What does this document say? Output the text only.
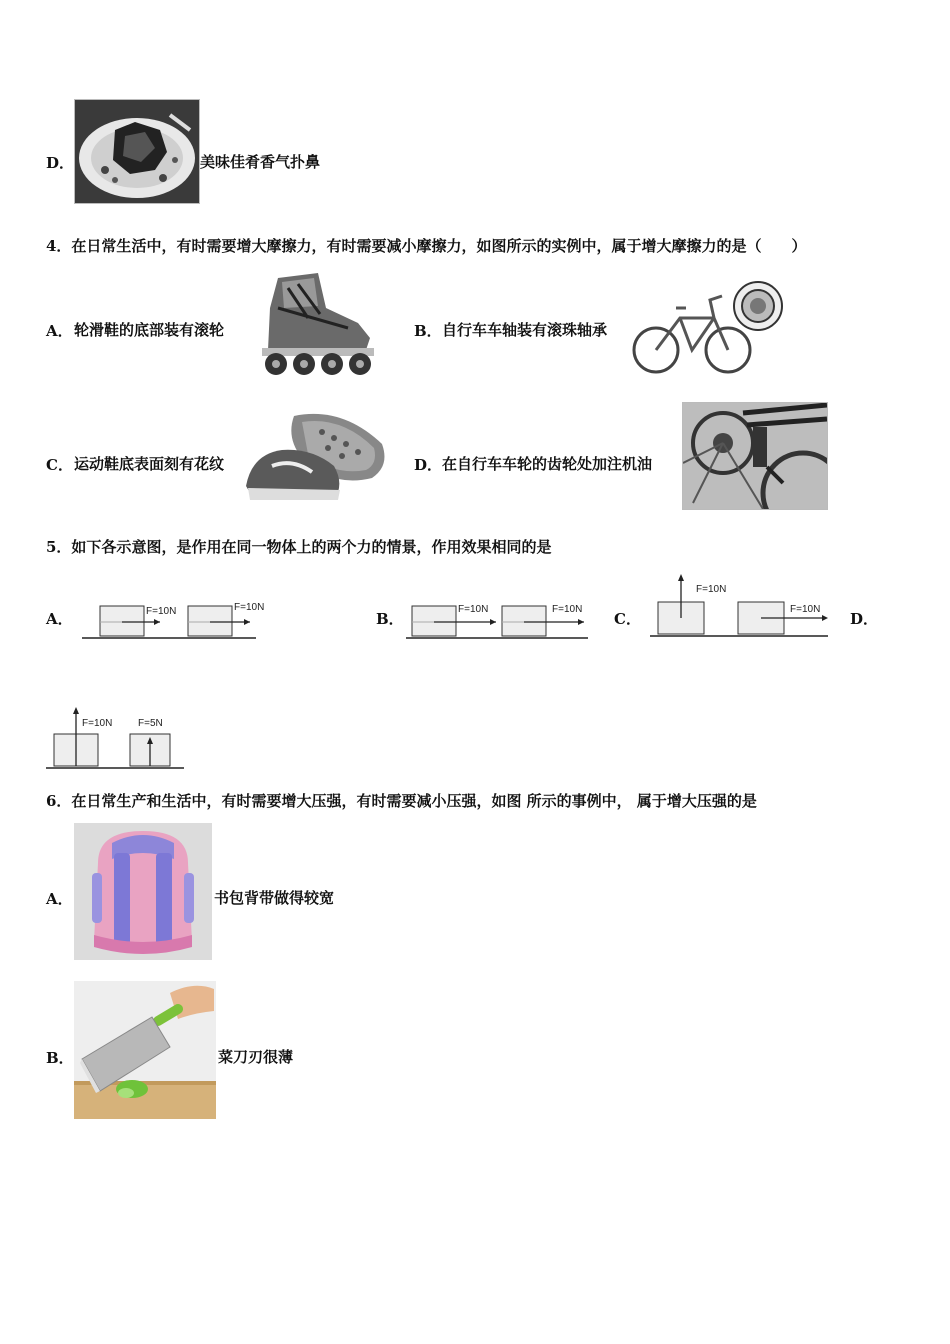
D．	美味佳肴香气扑鼻
4．在日常生活中，有时需要增大摩擦力，有时需要减小摩擦力，如图所示的实例中，属于增大摩擦力的是（　　）
A． 轮滑鞋的底部装有滚轮	B． 自行车车轴装有滚珠轴承
C． 运动鞋底表面刻有花纹	D． 在自行车车轮的齿轮处加注机油
5．如下各示意图，是作用在同一物体上的两个力的情景，作用效果相同的是
A．	F=10N	F=10N
B．
F=10N	F=10N
C．
F=10N
F=10N
D．
F=10N	F=5N
6．在日常生产和生活中，有时需要增大压强，有时需要减小压强，如图 所示的事例中， 属于增大压强的是
A．	书包背带做得较宽
B．	菜刀刃很薄
